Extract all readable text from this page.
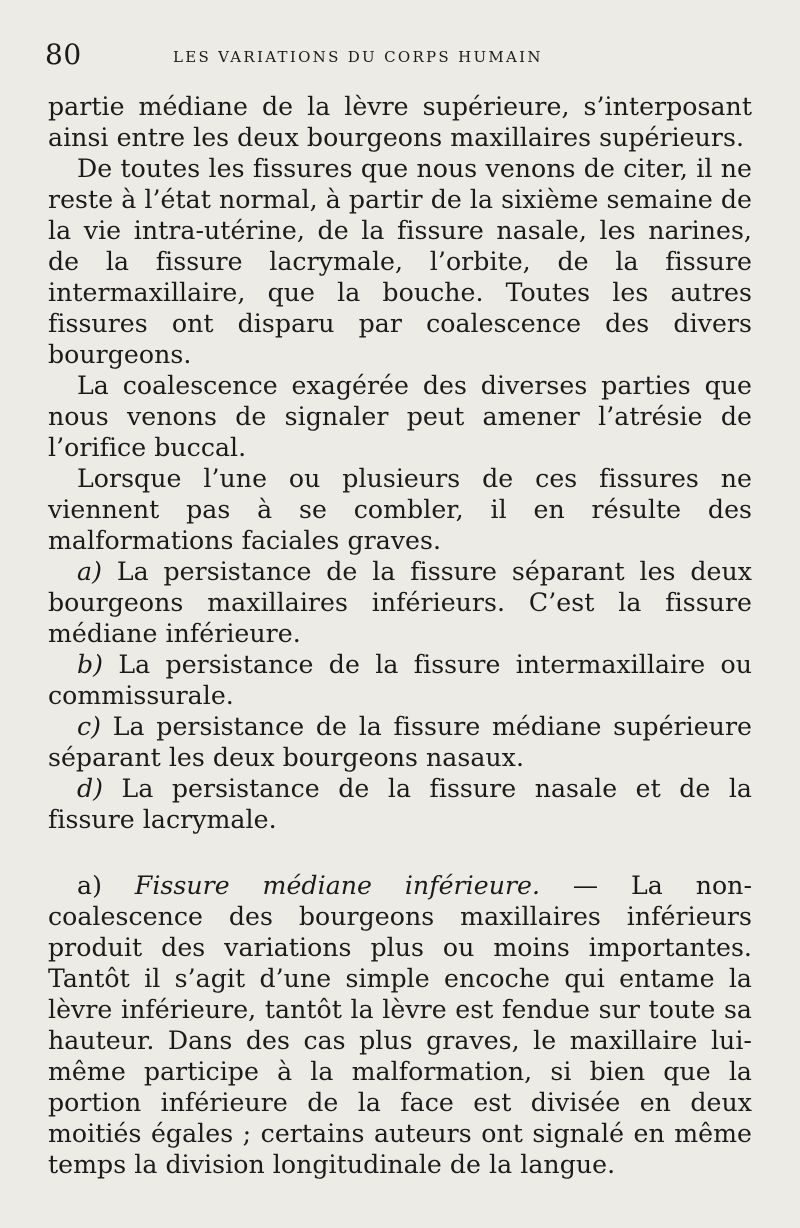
80	LES VARIATIONS DU CORPS HUMAIN

partie médiane de la lèvre supérieure, s’interposant ainsi entre les deux bourgeons maxillaires supérieurs.

De toutes les fissures que nous venons de citer, il ne reste à l’état normal, à partir de la sixième semaine de la vie intra-utérine, de la fissure nasale, les narines, de la fissure lacrymale, l’orbite, de la fissure intermaxillaire, que la bouche. Toutes les autres fissures ont disparu par coalescence des divers bourgeons.

La coalescence exagérée des diverses parties que nous venons de signaler peut amener l’atrésie de l’orifice buccal.

Lorsque l’une ou plusieurs de ces fissures ne viennent pas à se combler, il en résulte des malformations faciales graves.

a) La persistance de la fissure séparant les deux bourgeons maxillaires inférieurs. C’est la fissure médiane inférieure.

b) La persistance de la fissure intermaxillaire ou commissurale.

c) La persistance de la fissure médiane supérieure séparant les deux bourgeons nasaux.

d) La persistance de la fissure nasale et de la fissure lacrymale.

a) Fissure médiane inférieure. — La non-coalescence des bourgeons maxillaires inférieurs produit des variations plus ou moins importantes. Tantôt il s’agit d’une simple encoche qui entame la lèvre inférieure, tantôt la lèvre est fendue sur toute sa hauteur. Dans des cas plus graves, le maxillaire lui-même participe à la malformation, si bien que la portion inférieure de la face est divisée en deux moitiés égales ; certains auteurs ont signalé en même temps la division longitudinale de la langue.
